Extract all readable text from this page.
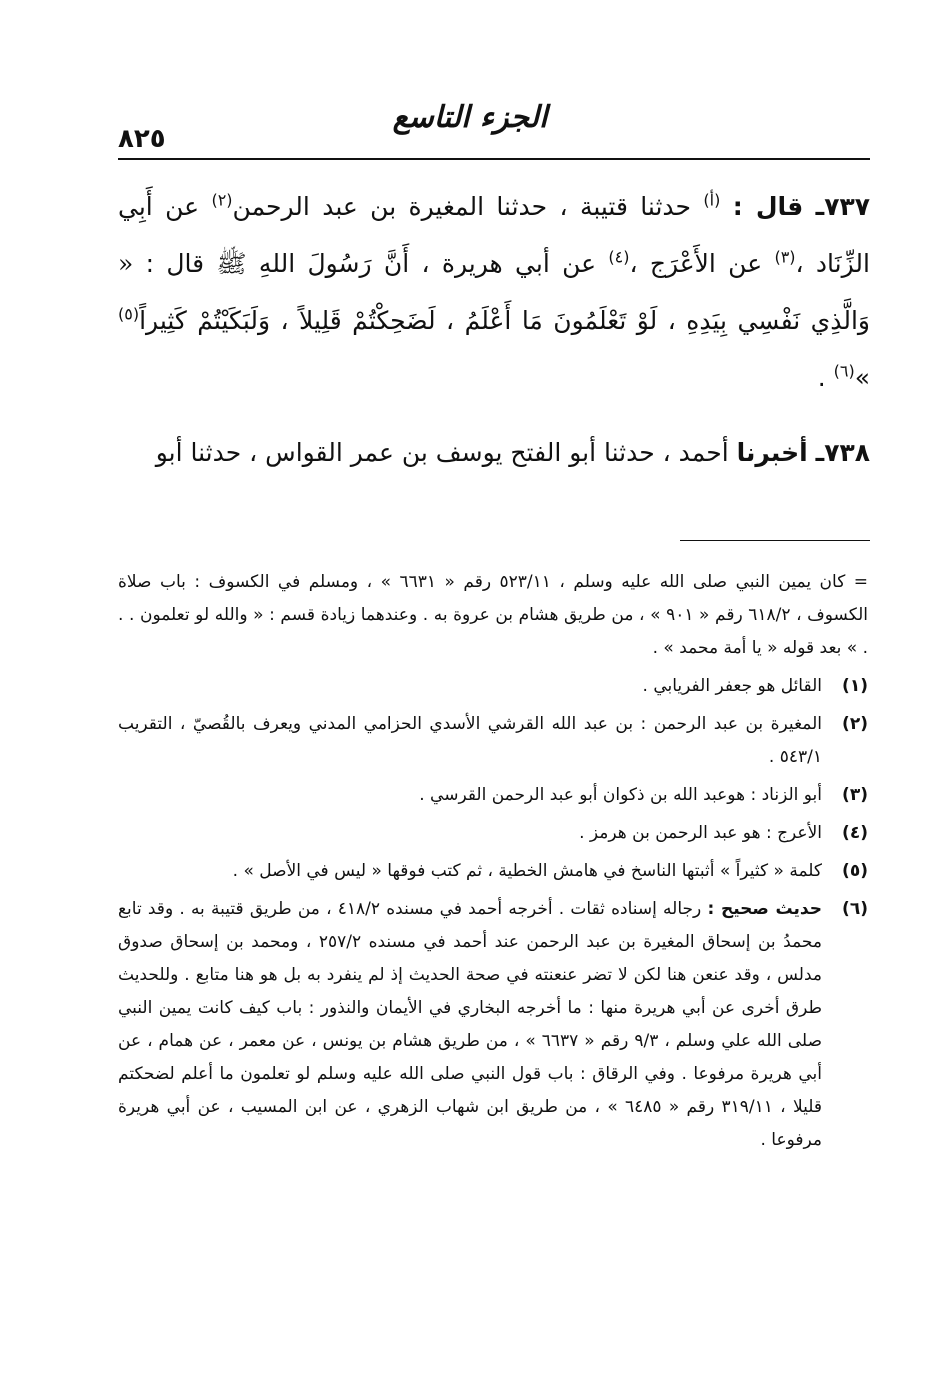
٨٢٥
الجزء التاسع

٧٣٧ـ قال : $^{(أ)}$ حدثنا قتيبة ، حدثنا المغيرة بن عبد الرحمن$^{(٢)}$ عن أَبِي الزِّنَاد ،$^{(٣)}$ عن الأَعْرَج ،$^{(٤)}$ عن أبي هريرة ، أَنَّ رَسُولَ اللهِ ﷺ قال : « وَالَّذِي نَفْسِي بِيَدِهِ ، لَوْ تَعْلَمُونَ مَا أَعْلَمُ ، لَضَحِكْتُمْ قَلِيلاً ، وَلَبَكَيْتُمْ كَثِيراً$^{(٥)}$ »$^{(٦)}$ .

٧٣٨ـ أخبرنا أحمد ، حدثنا أبو الفتح يوسف بن عمر القواس ، حدثنا أبو

= كان يمين النبي صلى الله عليه وسلم ، ٥٢٣/١١ رقم « ٦٦٣١ » ، ومسلم في الكسوف : باب صلاة الكسوف ، ٦١٨/٢ رقم « ٩٠١ » ، من طريق هشام بن عروة به . وعندهما زيادة قسم : « والله لو تعلمون . . . » بعد قوله « يا أمة محمد » .

(١)
القائل هو جعفر الفريابي .

(٢)
المغيرة بن عبد الرحمن : بن عبد الله القرشي الأسدي الحزامي المدني ويعرف بالقُصيّ ، التقريب ٥٤٣/١ .

(٣)
أبو الزناد : هوعبد الله بن ذكوان أبو عبد الرحمن القرسي .

(٤)
الأعرج : هو عبد الرحمن بن هرمز .

(٥)
كلمة « كثيراً » أثبتها الناسخ في هامش الخطية ، ثم كتب فوقها « ليس في الأصل » .

(٦)
حديث صحيح : رجاله إسناده ثقات . أخرجه أحمد في مسنده ٤١٨/٢ ، من طريق قتيبة به . وقد تابع محمدُ بن إسحاق المغيرة بن عبد الرحمن عند أحمد في مسنده ٢٥٧/٢ ، ومحمد بن إسحاق صدوق مدلس ، وقد عنعن هنا لكن لا تضر عنعنته في صحة الحديث إذ لم ينفرد به بل هو هنا متابع . وللحديث طرق أخرى عن أبي هريرة منها : ما أخرجه البخاري في الأيمان والنذور : باب كيف كانت يمين النبي صلى الله علي وسلم ، ٩/٣ رقم « ٦٦٣٧ » ، من طريق هشام بن يونس ، عن معمر ، عن همام ، عن أبي هريرة مرفوعا . وفي الرقاق : باب قول النبي صلى الله عليه وسلم لو تعلمون ما أعلم لضحكتم قليلا ، ٣١٩/١١ رقم « ٦٤٨٥ » ، من طريق ابن شهاب الزهري ، عن ابن المسيب ، عن أبي هريرة مرفوعا .
